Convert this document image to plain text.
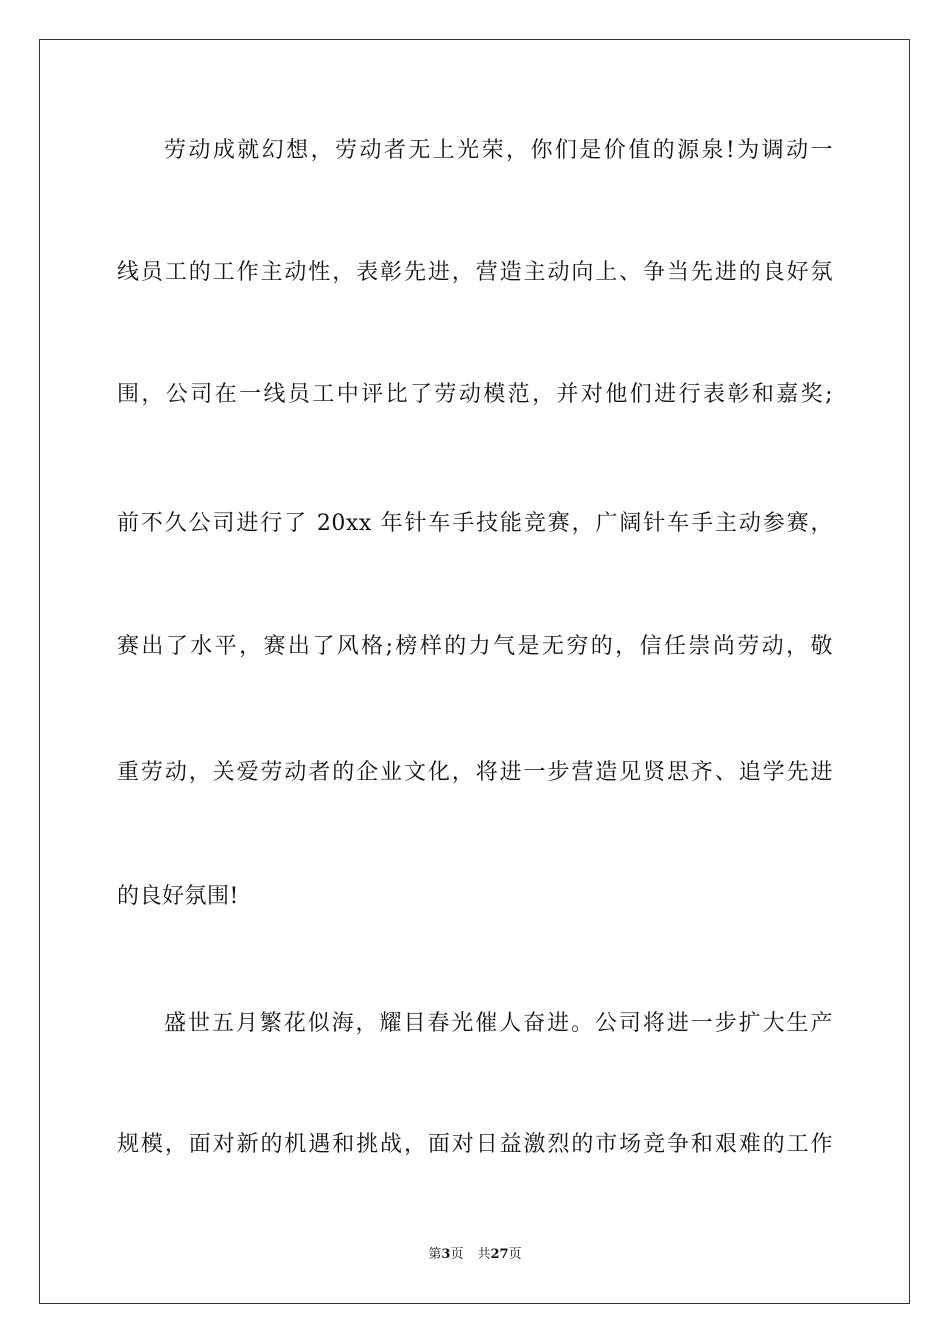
劳动成就幻想，劳动者无上光荣，你们是价值的源泉!为调动一
线员工的工作主动性，表彰先进，营造主动向上、争当先进的良好氛
围，公司在一线员工中评比了劳动模范，并对他们进行表彰和嘉奖;
前不久公司进行了 20xx 年针车手技能竞赛，广阔针车手主动参赛，
赛出了水平，赛出了风格;榜样的力气是无穷的，信任崇尚劳动，敬
重劳动，关爱劳动者的企业文化，将进一步营造见贤思齐、追学先进
的良好氛围!
盛世五月繁花似海，耀目春光催人奋进。公司将进一步扩大生产
规模，面对新的机遇和挑战，面对日益激烈的市场竞争和艰难的工作
第3页 共27页
